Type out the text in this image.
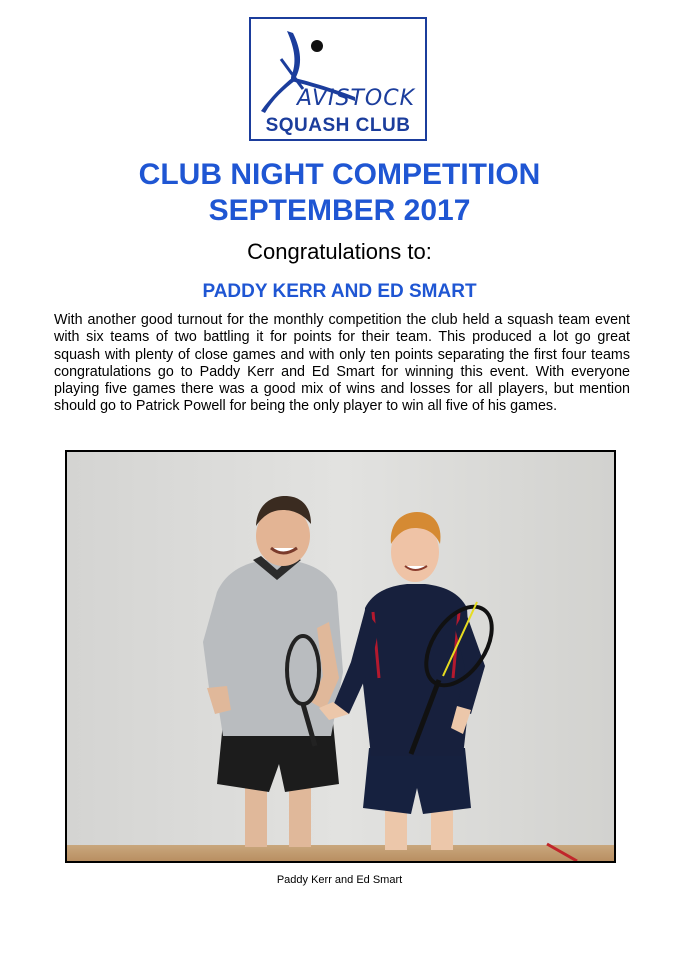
AVISTOCK
SQUASH CLUB
CLUB NIGHT COMPETITION
SEPTEMBER 2017
Congratulations to:
PADDY KERR AND ED SMART

With another good turnout for the monthly competition the club held a squash team event with six teams of two battling it for points for their team. This produced a lot go great squash with plenty of close games and with only ten points separating the first four teams congratulations go to Paddy Kerr and Ed Smart for winning this event. With everyone playing five games there was a good mix of wins and losses for all players, but mention should go to Patrick Powell for being the only player to win all five of his games.

Paddy Kerr and Ed Smart
